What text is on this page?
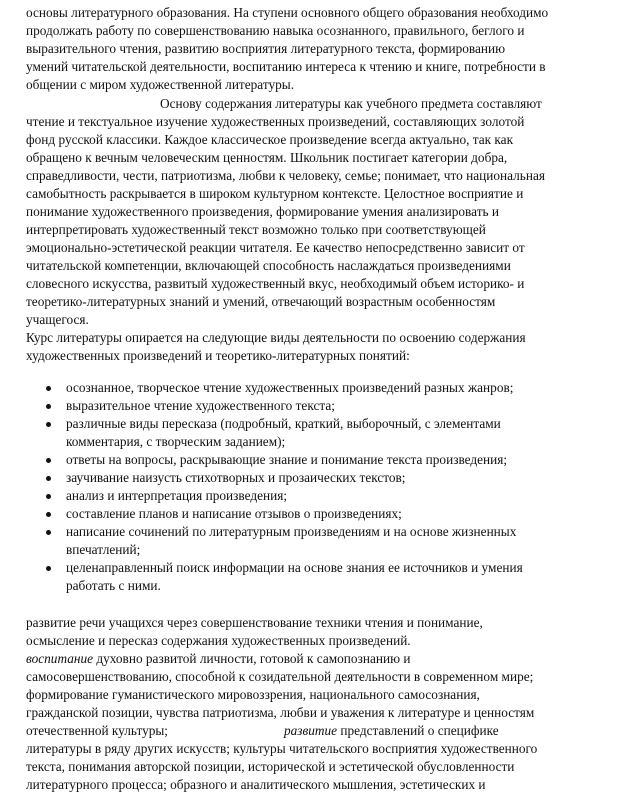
основы литературного образования. На ступени основного общего образования необходимо
продолжать работу по совершенствованию навыка осознанного, правильного, беглого и
выразительного чтения, развитию восприятия литературного текста, формированию
умений читательской деятельности, воспитанию интереса к чтению и книге, потребности в
общении с миром художественной литературы.
Основу содержания литературы как учебного предмета составляют
чтение и текстуальное изучение художественных произведений, составляющих золотой
фонд русской классики. Каждое классическое произведение всегда актуально, так как
обращено к вечным человеческим ценностям. Школьник постигает категории добра,
справедливости, чести, патриотизма, любви к человеку, семье; понимает, что национальная
самобытность раскрывается в широком культурном контексте. Целостное восприятие и
понимание художественного произведения, формирование умения анализировать и
интерпретировать художественный текст возможно только при соответствующей
эмоционально-эстетической реакции читателя. Ее качество непосредственно зависит от
читательской компетенции, включающей способность наслаждаться произведениями
словесного искусства, развитый художественный вкус, необходимый объем историко- и
теоретико-литературных знаний и умений, отвечающий возрастным особенностям
учащегося.
Курс литературы опирается на следующие виды деятельности по освоению содержания
художественных произведений и теоретико-литературных понятий:
осознанное, творческое чтение художественных произведений разных жанров;
выразительное чтение художественного текста;
различные виды пересказа (подробный, краткий, выборочный, с элементами
комментария, с творческим заданием);
ответы на вопросы, раскрывающие знание и понимание текста произведения;
заучивание наизусть стихотворных и прозаических текстов;
анализ и интерпретация произведения;
составление планов и написание отзывов о произведениях;
написание сочинений по литературным произведениям и на основе жизненных
впечатлений;
целенаправленный поиск информации на основе знания ее источников и умения
работать с ними.
развитие речи учащихся через совершенствование техники чтения и понимание,
осмысление и пересказ содержания художественных произведений.
воспитание духовно развитой личности, готовой к самопознанию и
самосовершенствованию, способной к созидательной деятельности в современном мире;
формирование гуманистического мировоззрения, национального самосознания,
гражданской позиции, чувства патриотизма, любви и уважения к литературе и ценностям
отечественной культуры;	развитие представлений о специфике
литературы в ряду других искусств; культуры читательского восприятия художественного
текста, понимания авторской позиции, исторической и эстетической обусловленности
литературного процесса; образного и аналитического мышления, эстетических и
